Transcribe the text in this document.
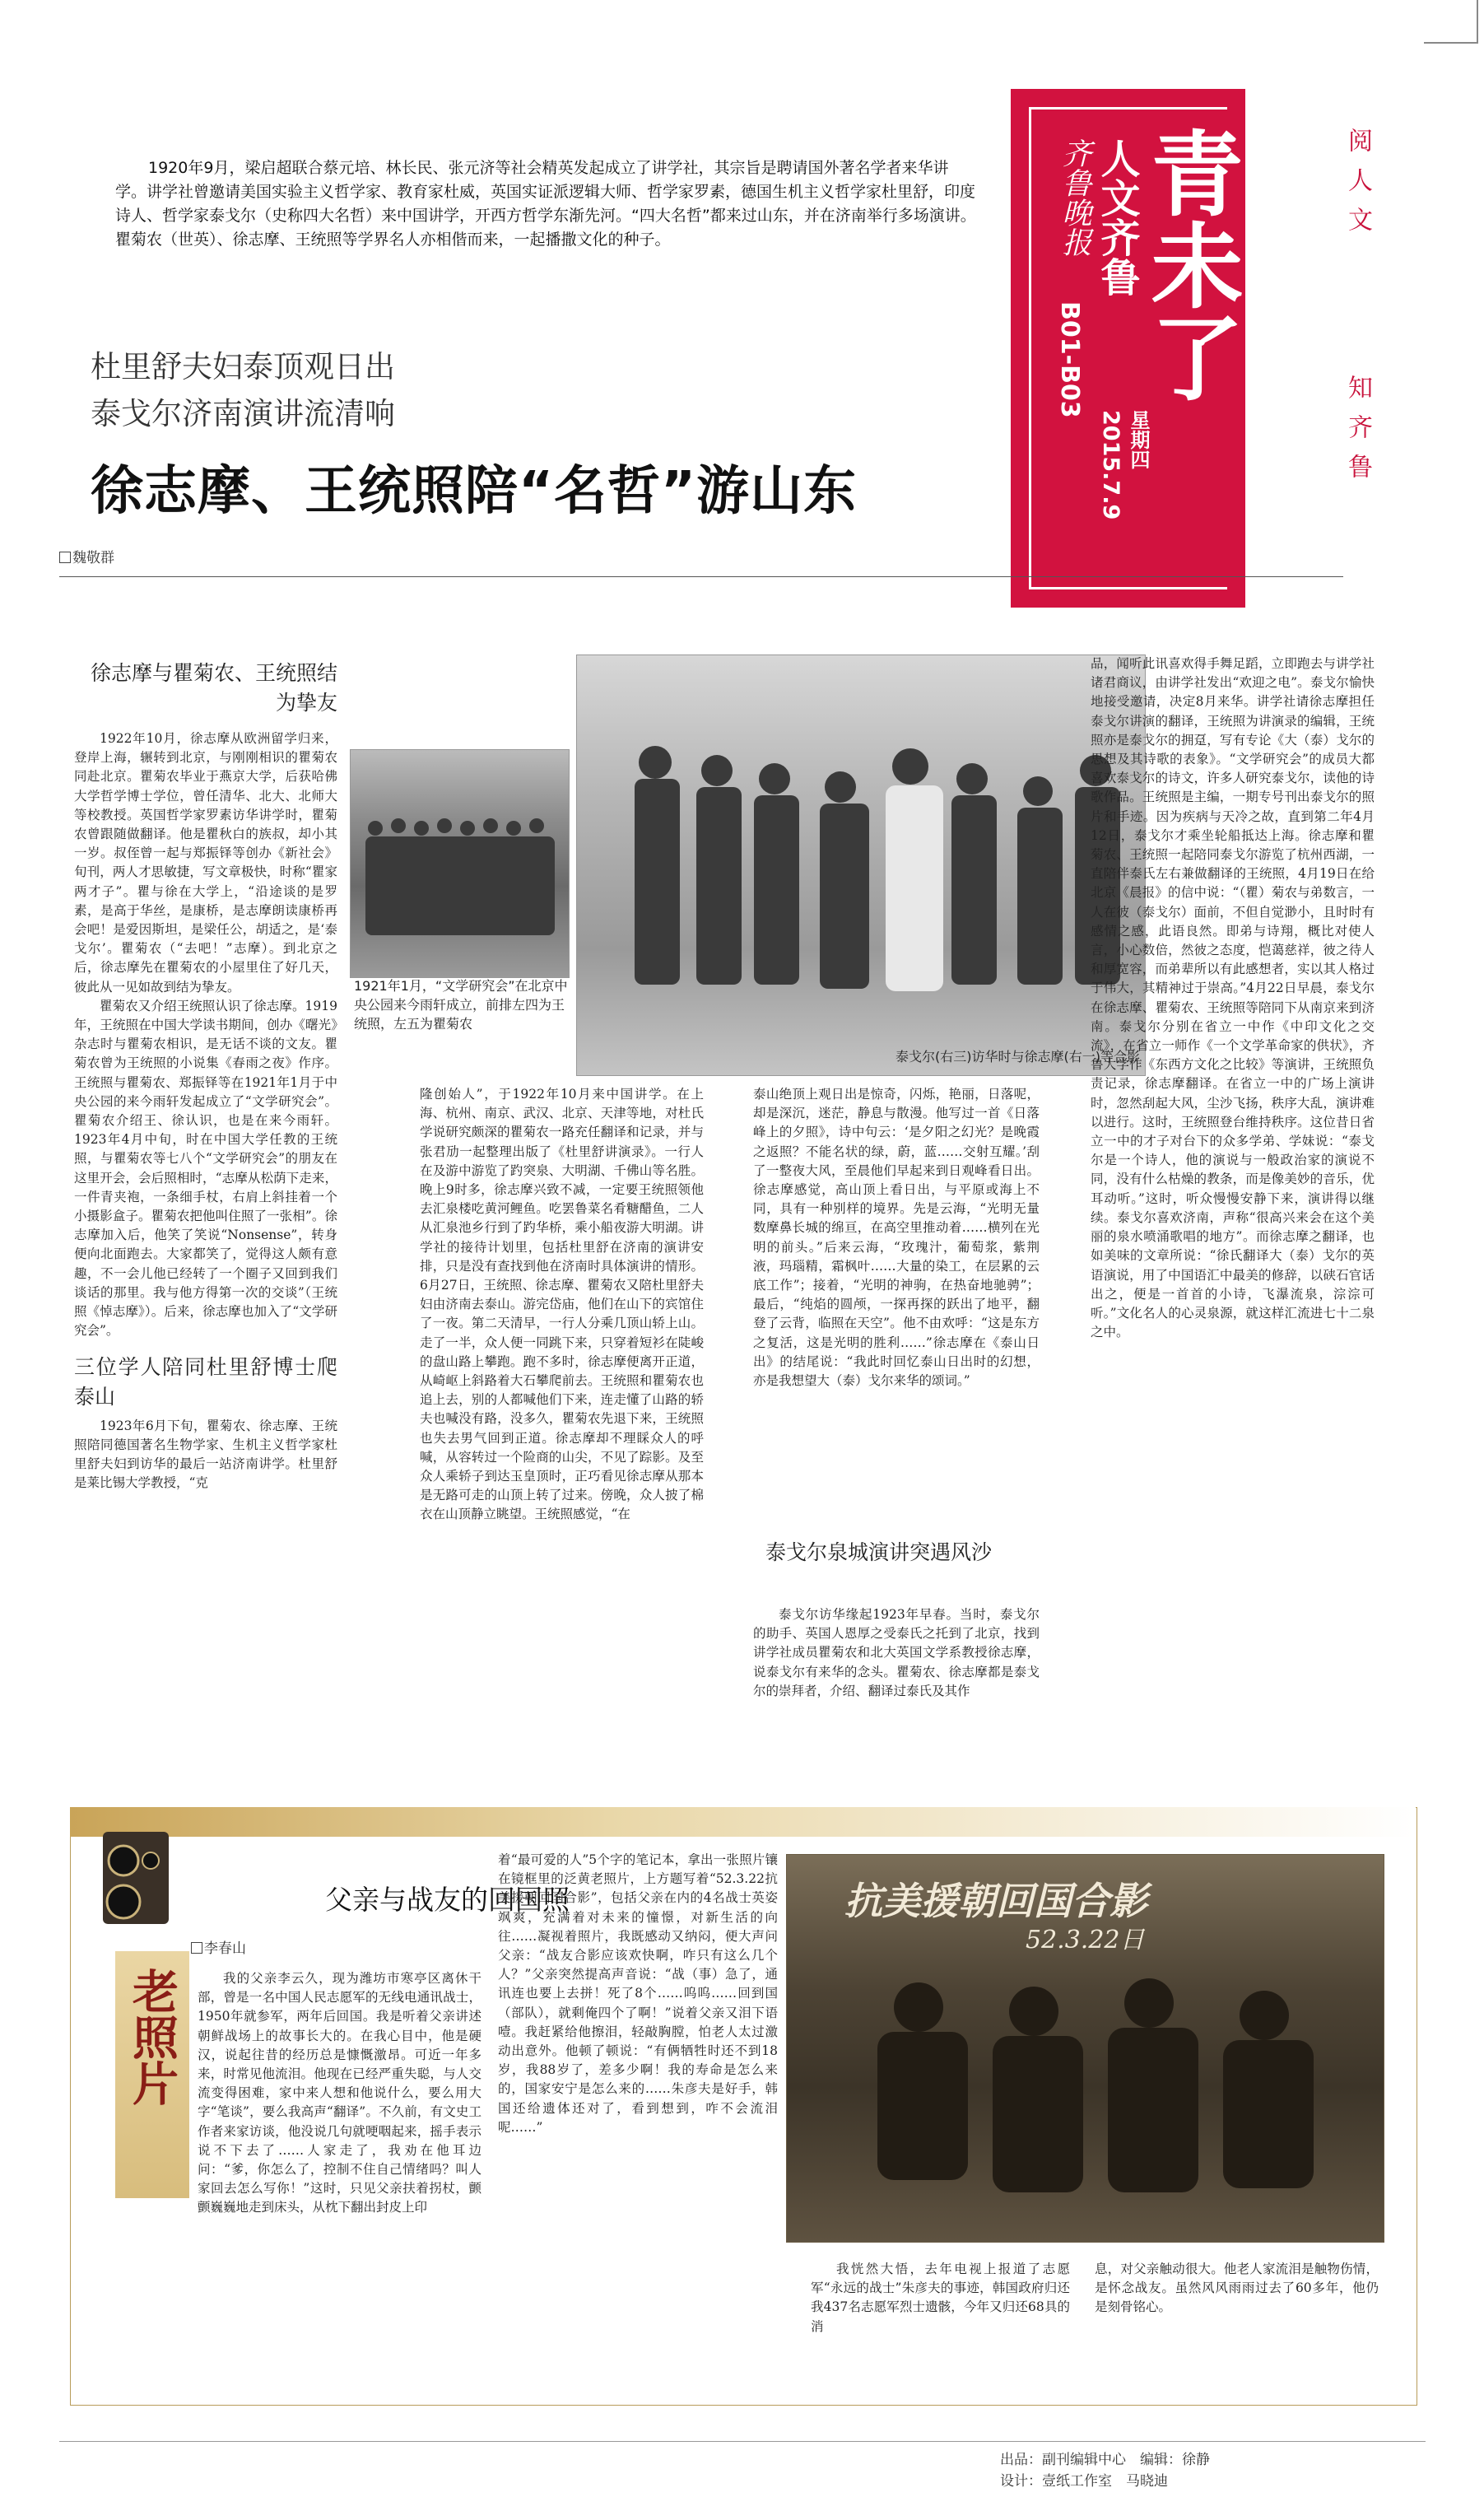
1920年9月，梁启超联合蔡元培、林长民、张元济等社会精英发起成立了讲学社，其宗旨是聘请国外著名学者来华讲学。讲学社曾邀请美国实验主义哲学家、教育家杜威，英国实证派逻辑大师、哲学家罗素，德国生机主义哲学家杜里舒，印度诗人、哲学家泰戈尔（史称四大名哲）来中国讲学，开西方哲学东渐先河。“四大名哲”都来过山东，并在济南举行多场演讲。瞿菊农（世英）、徐志摩、王统照等学界名人亦相偕而来，一起播撒文化的种子。	青未了
人文齐鲁
齐鲁晚报
B01-B03
星期四
2015.7.9
阅人文
知齐鲁
杜里舒夫妇泰顶观日出
泰戈尔济南演讲流清响
徐志摩、王统照陪“名哲”游山东
魏敬群
徐志摩与瞿菊农、王统照结为挚友

1922年10月，徐志摩从欧洲留学归来，登岸上海，辗转到北京，与刚刚相识的瞿菊农同赴北京。瞿菊农毕业于燕京大学，后获哈佛大学哲学博士学位，曾任清华、北大、北师大等校教授。英国哲学家罗素访华讲学时，瞿菊农曾跟随做翻译。他是瞿秋白的族叔，却小其一岁。叔侄曾一起与郑振铎等创办《新社会》旬刊，两人才思敏捷，写文章极快，时称“瞿家两才子”。瞿与徐在大学上，“沿途谈的是罗素，是高于华丝，是康桥，是志摩朗读康桥再会吧！是爱因斯坦，是梁任公，胡适之，是‘泰戈尔’。瞿菊农（“去吧！”志摩）。到北京之后，徐志摩先在瞿菊农的小屋里住了好几天，彼此从一见如故到结为挚友。

瞿菊农又介绍王统照认识了徐志摩。1919年，王统照在中国大学读书期间，创办《曙光》杂志时与瞿菊农相识，是无话不谈的文友。瞿菊农曾为王统照的小说集《春雨之夜》作序。王统照与瞿菊农、郑振铎等在1921年1月于中央公园的来今雨轩发起成立了“文学研究会”。瞿菊农介绍王、徐认识，也是在来今雨轩。1923年4月中旬，时在中国大学任教的王统照，与瞿菊农等七八个“文学研究会”的朋友在这里开会，会后照相时，“志摩从松荫下走来，一件青夹袍，一条细手杖，右肩上斜挂着一个小摄影盒子。瞿菊农把他叫住照了一张相”。徐志摩加入后，他笑了笑说“Nonsense”，转身便向北面跑去。大家都笑了，觉得这人颇有意趣，不一会儿他已经转了一个圈子又回到我们谈话的那里。我与他方得第一次的交谈”（王统照《悼志摩》）。后来，徐志摩也加入了“文学研究会”。

三位学人陪同杜里舒博士爬泰山

1923年6月下旬，瞿菊农、徐志摩、王统照陪同德国著名生物学家、生机主义哲学家杜里舒夫妇到访华的最后一站济南讲学。杜里舒是莱比锡大学教授，“克

1921年1月，“文学研究会”在北京中央公园来今雨轩成立，前排左四为王统照，左五为瞿菊农
泰戈尔(右三)访华时与徐志摩(右一)等合影

隆创始人”，于1922年10月来中国讲学。在上海、杭州、南京、武汉、北京、天津等地，对杜氏学说研究颇深的瞿菊农一路充任翻译和记录，并与张君劢一起整理出版了《杜里舒讲演录》。一行人在及游中游览了趵突泉、大明湖、千佛山等名胜。晚上9时多，徐志摩兴致不减，一定要王统照领他去汇泉楼吃黄河鲤鱼。吃罢鲁菜名肴糖醋鱼，二人从汇泉池乡行到了趵华桥，乘小船夜游大明湖。讲学社的接待计划里，包括杜里舒在济南的演讲安排，只是没有查找到他在济南时具体演讲的情形。6月27日，王统照、徐志摩、瞿菊农又陪杜里舒夫妇由济南去泰山。游完岱庙，他们在山下的宾馆住了一夜。第二天清早，一行人分乘几顶山轿上山。走了一半，众人便一同跳下来，只穿着短衫在陡峻的盘山路上攀跑。跑不多时，徐志摩便离开正道，从崎岖上斜路着大石攀爬前去。王统照和瞿菊农也追上去，别的人都喊他们下来，连走懂了山路的轿夫也喊没有路，没多久，瞿菊农先退下来，王统照也失去男气回到正道。徐志摩却不理睬众人的呼喊，从容转过一个险商的山尖，不见了踪影。及至众人乘轿子到达玉皇顶时，正巧看见徐志摩从那本是无路可走的山顶上转了过来。傍晚，众人披了棉衣在山顶静立眺望。王统照感觉，“在

泰山绝顶上观日出是惊奇，闪烁，艳丽，日落呢，却是深沉，迷茫，静息与散漫。他写过一首《日落峰上的夕照》，诗中句云：‘是夕阳之幻光？是晚霞之返照？不能名状的绿，蔚，蓝……交射互耀。’刮了一整夜大风，至晨他们早起来到日观峰看日出。徐志摩感觉，高山顶上看日出，与平原或海上不同，具有一种别样的境界。先是云海，“光明无量数摩鼻长城的绵亘，在高空里推动着……横列在光明的前头。”后来云海，“玫瑰汁，葡萄浆，紫荆液，玛瑙精，霜枫叶……大量的染工，在层累的云底工作”；接着，“光明的神驹，在热奋地驰骋”；最后，“纯焰的圆颅，一探再探的跃出了地平，翻登了云背，临照在天空”。他不由欢呼：“这是东方之复活，这是光明的胜利……”徐志摩在《泰山日出》的结尾说：“我此时回忆泰山日出时的幻想，亦是我想望大（泰）戈尔来华的颂词。”

泰戈尔泉城演讲突遇风沙

泰戈尔访华缘起1923年早春。当时，泰戈尔的助手、英国人恩厚之受泰氏之托到了北京，找到讲学社成员瞿菊农和北大英国文学系教授徐志摩，说泰戈尔有来华的念头。瞿菊农、徐志摩都是泰戈尔的崇拜者，介绍、翻译过泰氏及其作

品，闻听此讯喜欢得手舞足蹈，立即跑去与讲学社诸君商议，由讲学社发出“欢迎之电”。泰戈尔愉快地接受邀请，决定8月来华。讲学社请徐志摩担任泰戈尔讲演的翻译，王统照为讲演录的编辑，王统照亦是泰戈尔的拥趸，写有专论《大（泰）戈尔的思想及其诗歌的表象》。“文学研究会”的成员大都喜欢泰戈尔的诗文，许多人研究泰戈尔，读他的诗歌作品。王统照是主编，一期专号刊出泰戈尔的照片和手迹。因为疾病与天冷之故，直到第二年4月12日，泰戈尔才乘坐轮船抵达上海。徐志摩和瞿菊农、王统照一起陪同泰戈尔游览了杭州西湖，一直陪伴泰氏左右兼做翻译的王统照，4月19日在给北京《晨报》的信中说：“（瞿）菊农与弟数言，一人在彼（泰戈尔）面前，不但自觉渺小，且时时有感情之感，此语良然。即弟与诗翔，概比对使人言，小心数倍，然彼之态度，恺蔼慈祥，彼之待人和厚宽容，而弟辈所以有此感想者，实以其人格过于伟大，其精神过于崇高。”4月22日早晨，泰戈尔在徐志摩、瞿菊农、王统照等陪同下从南京来到济南。泰戈尔分别在省立一中作《中印文化之交流》，在省立一师作《一个文学革命家的供状》，齐鲁大学作《东西方文化之比较》等演讲，王统照负责记录，徐志摩翻译。在省立一中的广场上演讲时，忽然刮起大风，尘沙飞扬，秩序大乱，演讲难以进行。这时，王统照登台维持秩序。这位昔日省立一中的才子对台下的众多学弟、学妹说：“泰戈尔是一个诗人，他的演说与一般政治家的演说不同，没有什么枯燥的教条，而是像美妙的音乐，优耳动听。”这时，听众慢慢安静下来，演讲得以继续。泰戈尔喜欢济南，声称“很高兴来会在这个美丽的泉水喷涌歌唱的地方”。而徐志摩之翻译，也如美味的文章所说：“徐氏翻译大（泰）戈尔的英语演说，用了中国语汇中最美的修辞，以硖石官话出之，便是一首首的小诗，飞瀑流泉，淙淙可听。”文化名人的心灵泉源，就这样汇流进七十二泉之中。

老照片
父亲与战友的回国照
李春山

我的父亲李云久，现为潍坊市寒亭区离休干部，曾是一名中国人民志愿军的无线电通讯战士，1950年就参军，两年后回国。我是听着父亲讲述朝鲜战场上的故事长大的。在我心目中，他是硬汉，说起往昔的经历总是慷慨激昂。可近一年多来，时常见他流泪。他现在已经严重失聪，与人交流变得困难，家中来人想和他说什么，要么用大字“笔谈”，要么我高声“翻译”。不久前，有文史工作者来家访谈，他没说几句就哽咽起来，摇手表示说不下去了……人家走了，我劝在他耳边问：“爹，你怎么了，控制不住自己情绪吗？叫人家回去怎么写你！”这时，只见父亲扶着拐杖，颤颤巍巍地走到床头，从枕下翻出封皮上印

着“最可爱的人”5个字的笔记本，拿出一张照片镶在镜框里的泛黄老照片，上方题写着“52.3.22抗美援朝回国合影”，包括父亲在内的4名战士英姿飒爽，充满着对未来的憧憬，对新生活的向往……凝视着照片，我既感动又纳闷，便大声问父亲：“战友合影应该欢快啊，咋只有这么几个人？”父亲突然提高声音说：“战（事）急了，通讯连也要上去拼！死了8个……呜呜……回到国（部队），就剩俺四个了啊！”说着父亲又泪下语噎。我赶紧给他擦泪，轻敲胸膛，怕老人太过激动出意外。他顿了顿说：“有俩牺牲时还不到18岁，我88岁了，差多少啊！我的寿命是怎么来的，国家安宁是怎么来的……朱彦夫是好手，韩国还给遗体还对了，看到想到，咋不会流泪呢……”

抗美援朝回国合影
52.3.22日

我恍然大悟，去年电视上报道了志愿军“永远的战士”朱彦夫的事迹，韩国政府归还我437名志愿军烈士遗骸，今年又归还68具的消

息，对父亲触动很大。他老人家流泪是触物伤情，是怀念战友。虽然风风雨雨过去了60多年，他仍是刻骨铭心。

出品：副刊编辑中心　编辑：徐静
设计：壹纸工作室　马晓迪
